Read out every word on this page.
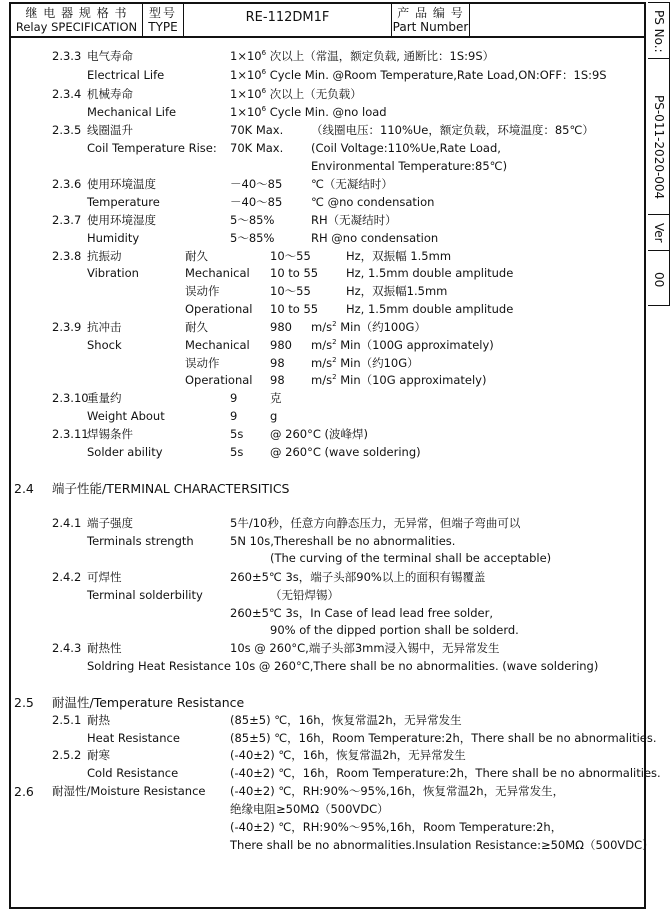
继 电 器 规 格 书
Relay SPECIFICATION
型号
TYPE
RE-112DM1F	产 品 编 号
Part Number	PS No.:
PS-011-2020-004
Ver
00
2.3.3 电气寿命	$1\times 10^6$ 次以上（常温，额定负载, 通断比：1S:9S）
Electrical Life	$1\times 10^6$ Cycle Min. @Room Temperature,Rate Load,ON:OFF：1S:9S
2.3.4 机械寿命	$1\times 10^6$ 次以上（无负载）
Mechanical Life	$1\times 10^6$ Cycle Min. @no load
2.3.5 线圈温升	70K Max. （线圈电压：110%Ue，额定负载，环境温度：85℃）
Coil Temperature Rise: 70K Max. (Coil Voltage:110%Ue,Rate Load,
Environmental Temperature:85℃)
2.3.6 使用环境温度	－40～85 ℃（无凝结时）
Temperature	－40～85 ℃ @no condensation
2.3.7 使用环境湿度	5～85%	RH（无凝结时）
Humidity	5～85%	RH @no condensation
2.3.8 抗振动	耐久	10～55	Hz，双振幅 1.5mm
Vibration	Mechanical 10 to 55 Hz, 1.5mm double amplitude
误动作	10～55	Hz，双振幅1.5mm
Operational 10 to 55 Hz, 1.5mm double amplitude
2.3.9 抗冲击	耐久	980 $m/s^2$ Min（约100G）
Shock	Mechanical 980 $m/s^2$ Min（100G approximately)
误动作	98 $m/s^2$ Min（约10G）
Operational 98 $m/s^2$ Min（10G approximately)
2.3.10
重量约	9	克
Weight About	9	g
2.3.11
焊锡条件	5s @ 260°C (波峰焊)
Solder ability	5s @ 260°C (wave soldering)
2.4 端子性能/TERMINAL CHARACTERSITICS
2.4.1 端子强度	5牛/10秒，任意方向静态压力，无异常，但端子弯曲可以
Terminals strength	5N 10s,Thereshall be no abnormalities.
(The curving of the terminal shall be acceptable)
2.4.2 可焊性	260±5℃ 3s，端子头部90%以上的面积有锡覆盖
Terminal solderbility	（无铅焊锡）
260±5℃ 3s，In Case of lead lead free solder,
90% of the dipped portion shall be solderd.
2.4.3 耐热性	10s @ 260°C,端子头部3mm浸入锡中，无异常发生
Soldring Heat Resistance 10s @ 260°C,There shall be no abnormalities. (wave soldering)
2.5 耐温性/Temperature Resistance
2.5.1 耐热	(85±5) ℃，16h，恢复常温2h，无异常发生
Heat Resistance	(85±5) ℃，16h，Room Temperature:2h，There shall be no abnormalities.
2.5.2 耐寒	(-40±2) ℃，16h，恢复常温2h，无异常发生
Cold Resistance	(-40±2) ℃，16h，Room Temperature:2h，There shall be no abnormalities.
2.6 耐湿性/Moisture Resistance (-40±2) ℃，RH:90%～95%,16h，恢复常温2h，无异常发生，
绝缘电阻≥50MΩ（500VDC）
(-40±2) ℃，RH:90%～95%,16h，Room Temperature:2h，
There shall be no abnormalities.Insulation Resistance:≥50MΩ（500VDC）
